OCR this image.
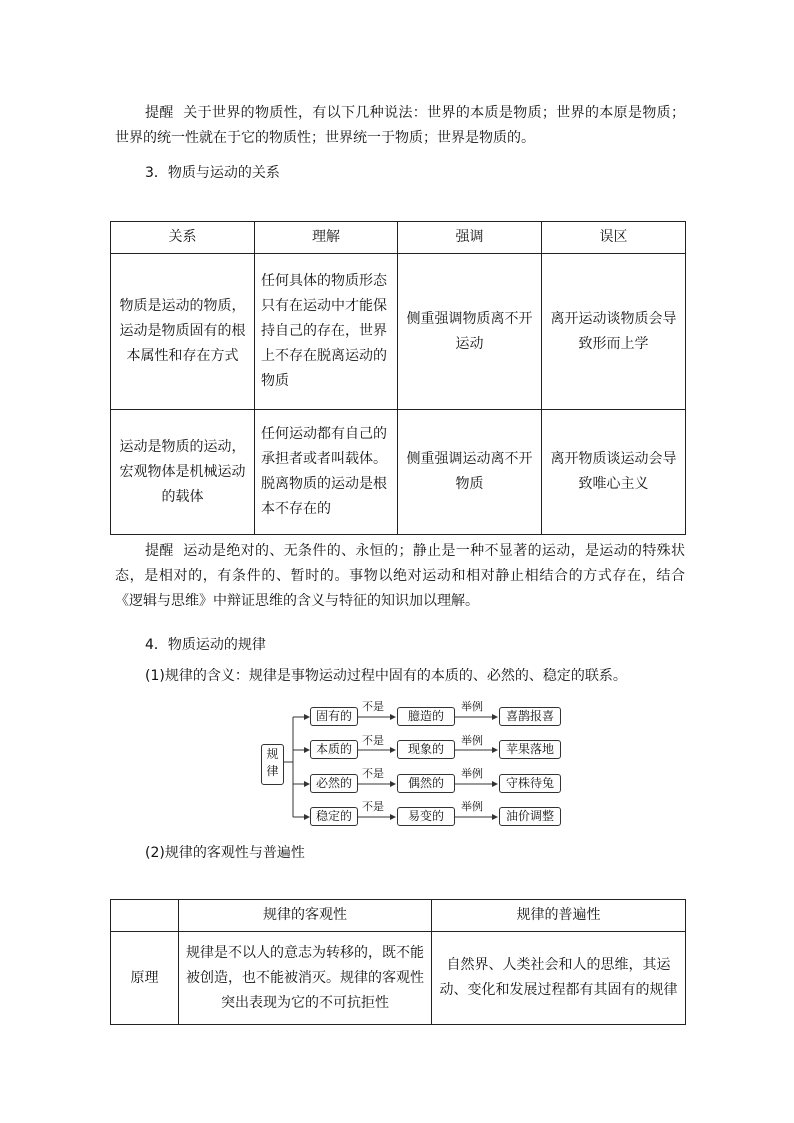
提醒 关于世界的物质性，有以下几种说法：世界的本质是物质；世界的本原是物质；世界的统一性就在于它的物质性；世界统一于物质；世界是物质的。
3．物质与运动的关系
关系	理解	强调	误区
物质是运动的物质，运动是物质固有的根本属性和存在方式	任何具体的物质形态只有在运动中才能保持自己的存在，世界上不存在脱离运动的物质	侧重强调物质离不开运动	离开运动谈物质会导致形而上学
运动是物质的运动，宏观物体是机械运动的载体	任何运动都有自己的承担者或者叫载体。脱离物质的运动是根本不存在的	侧重强调运动离不开物质	离开物质谈运动会导致唯心主义
提醒 运动是绝对的、无条件的、永恒的；静止是一种不显著的运动，是运动的特殊状态，是相对的，有条件的、暂时的。事物以绝对运动和相对静止相结合的方式存在，结合《逻辑与思维》中辩证思维的含义与特征的知识加以理解。
4．物质运动的规律
(1)规律的含义：规律是事物运动过程中固有的本质的、必然的、稳定的联系。
规律
固有的
不是
臆造的
举例
喜鹊报喜
本质的
不是
现象的
举例
苹果落地
必然的
不是
偶然的
举例
守株待兔
稳定的
不是
易变的
举例
油价调整
(2)规律的客观性与普遍性
	规律的客观性	规律的普遍性
原理	规律是不以人的意志为转移的，既不能被创造，也不能被消灭。规律的客观性突出表现为它的不可抗拒性	自然界、人类社会和人的思维，其运动、变化和发展过程都有其固有的规律
